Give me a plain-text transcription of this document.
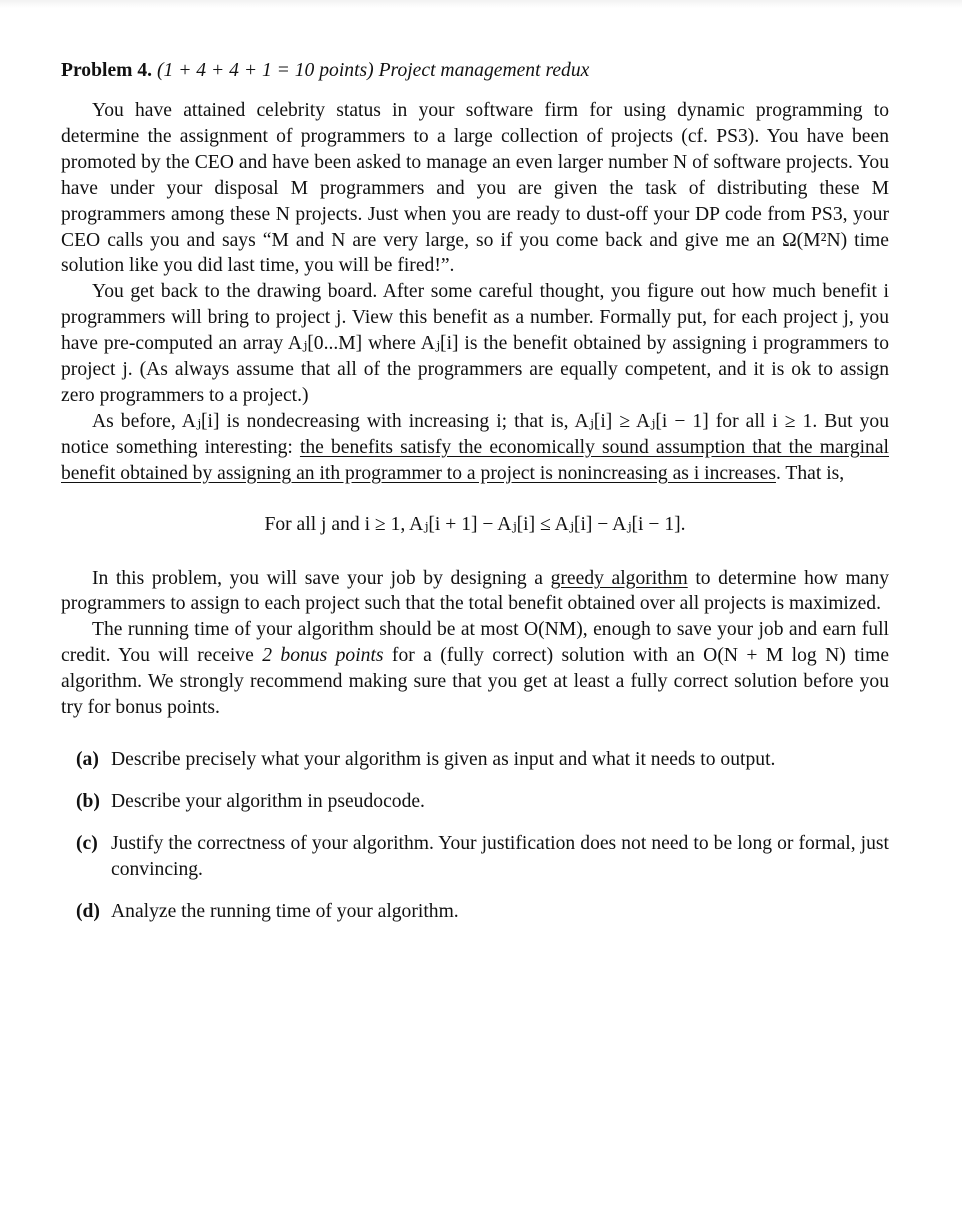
Problem 4. (1 + 4 + 4 + 1 = 10 points) Project management redux

You have attained celebrity status in your software firm for using dynamic programming to determine the assignment of programmers to a large collection of projects (cf. PS3). You have been promoted by the CEO and have been asked to manage an even larger number N of software projects. You have under your disposal M programmers and you are given the task of distributing these M programmers among these N projects. Just when you are ready to dust-off your DP code from PS3, your CEO calls you and says “M and N are very large, so if you come back and give me an Ω(M²N) time solution like you did last time, you will be fired!”.

You get back to the drawing board. After some careful thought, you figure out how much benefit i programmers will bring to project j. View this benefit as a number. Formally put, for each project j, you have pre-computed an array Aⱼ[0...M] where Aⱼ[i] is the benefit obtained by assigning i programmers to project j. (As always assume that all of the programmers are equally competent, and it is ok to assign zero programmers to a project.)

As before, Aⱼ[i] is nondecreasing with increasing i; that is, Aⱼ[i] ≥ Aⱼ[i − 1] for all i ≥ 1. But you notice something interesting: the benefits satisfy the economically sound assumption that the marginal benefit obtained by assigning an ith programmer to a project is nonincreasing as i increases. That is,

For all j and i ≥ 1, Aⱼ[i + 1] − Aⱼ[i] ≤ Aⱼ[i] − Aⱼ[i − 1].

In this problem, you will save your job by designing a greedy algorithm to determine how many programmers to assign to each project such that the total benefit obtained over all projects is maximized.

The running time of your algorithm should be at most O(NM), enough to save your job and earn full credit. You will receive 2 bonus points for a (fully correct) solution with an O(N + M log N) time algorithm. We strongly recommend making sure that you get at least a fully correct solution before you try for bonus points.

(a) Describe precisely what your algorithm is given as input and what it needs to output.
(b) Describe your algorithm in pseudocode.
(c) Justify the correctness of your algorithm. Your justification does not need to be long or formal, just convincing.
(d) Analyze the running time of your algorithm.
